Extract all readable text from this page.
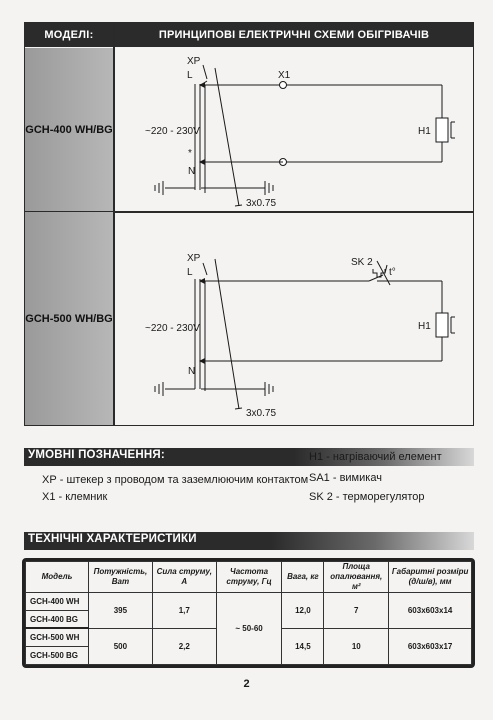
МОДЕЛІ:	ПРИНЦИПОВІ ЕЛЕКТРИЧНІ СХЕМИ ОБІГРІВАЧІВ
GCH-400 WH/BG
GCH-500 WH/BG
ХР
L
~220 - 230V
*
N
X1
H1
3х0.75
ХР
L
~220 - 230V
N
SK 2
t°
H1
3х0.75
УМОВНІ ПОЗНАЧЕННЯ:
ХР - штекер з проводом та заземлюючим контактом
Х1 - клемник
H1 - нагріваючий елемент
SA1 - вимикач
SK 2 - терморегулятор
ТЕХНІЧНІ ХАРАКТЕРИСТИКИ
Модель	Потужність, Ват	Сила струму, А	Частота струму, Гц	Вага, кг	Площа опалювання, м²	Габаритні розміри (д/ш/в), мм
GCH-400 WH	395	1,7	~ 50-60	12,0	7	603х603х14
GCH-400 BG						
GCH-500 WH	500	2,2		14,5	10	603х603х17
GCH-500 BG						
2
